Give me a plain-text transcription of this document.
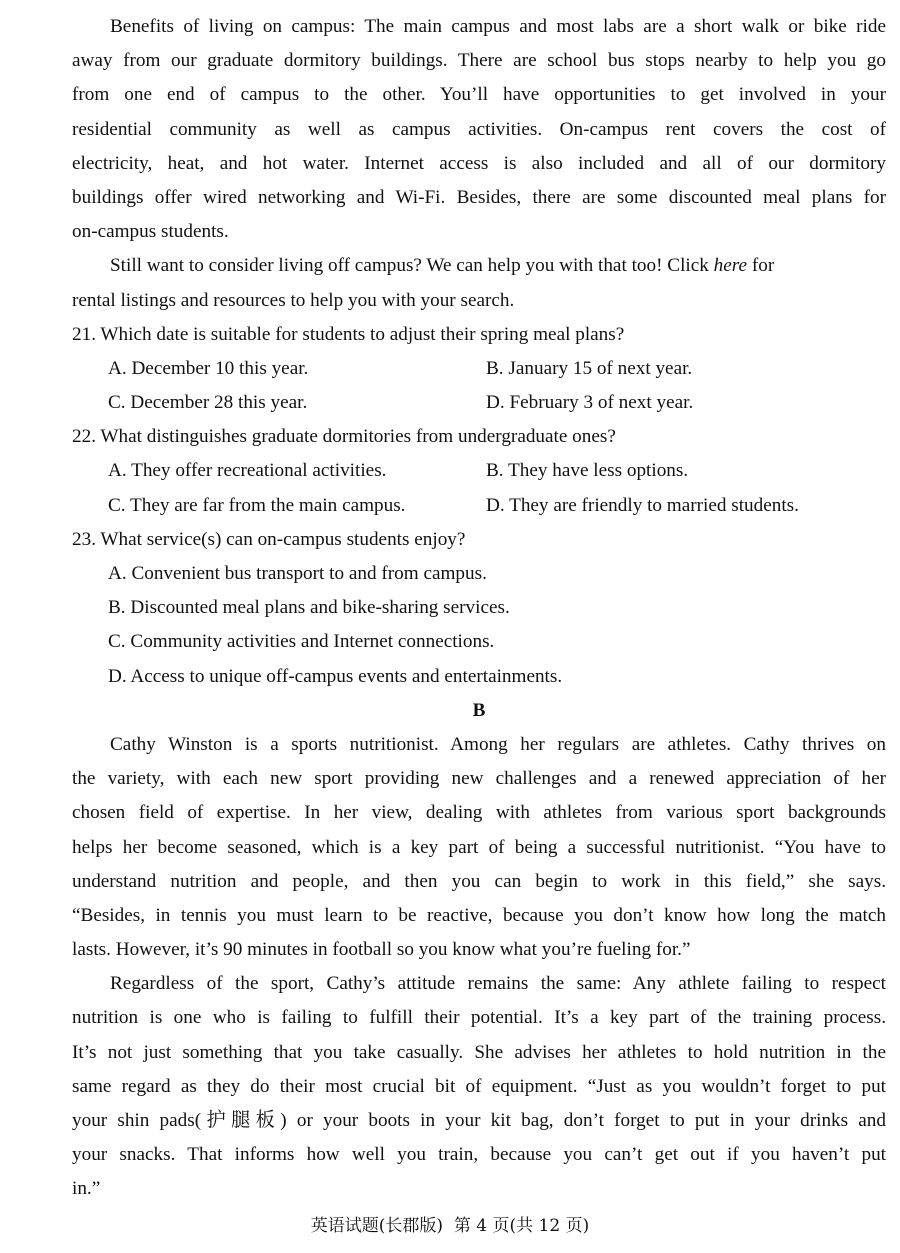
Benefits of living on campus: The main campus and most labs are a short walk or bike ride
away from our graduate dormitory buildings. There are school bus stops nearby to help you go
from one end of campus to the other. You’ll have opportunities to get involved in your
residential community as well as campus activities. On-campus rent covers the cost of
electricity, heat, and hot water. Internet access is also included and all of our dormitory
buildings offer wired networking and Wi-Fi. Besides, there are some discounted meal plans for
on-campus students.
Still want to consider living off campus? We can help you with that too! Click here for
rental listings and resources to help you with your search.
21. Which date is suitable for students to adjust their spring meal plans?
A. December 10 this year.	B. January 15 of next year.
C. December 28 this year.	D. February 3 of next year.
22. What distinguishes graduate dormitories from undergraduate ones?
A. They offer recreational activities.	B. They have less options.
C. They are far from the main campus.	D. They are friendly to married students.
23. What service(s) can on-campus students enjoy?
A. Convenient bus transport to and from campus.
B. Discounted meal plans and bike-sharing services.
C. Community activities and Internet connections.
D. Access to unique off-campus events and entertainments.
B
Cathy Winston is a sports nutritionist. Among her regulars are athletes. Cathy thrives on
the variety, with each new sport providing new challenges and a renewed appreciation of her
chosen field of expertise. In her view, dealing with athletes from various sport backgrounds
helps her become seasoned, which is a key part of being a successful nutritionist. “You have to
understand nutrition and people, and then you can begin to work in this field,” she says.
“Besides, in tennis you must learn to be reactive, because you don’t know how long the match
lasts. However, it’s 90 minutes in football so you know what you’re fueling for.”
Regardless of the sport, Cathy’s attitude remains the same: Any athlete failing to respect
nutrition is one who is failing to fulfill their potential. It’s a key part of the training process.
It’s not just something that you take casually. She advises her athletes to hold nutrition in the
same regard as they do their most crucial bit of equipment. “Just as you wouldn’t forget to put
your shin pads(护腿板) or your boots in your kit bag, don’t forget to put in your drinks and
your snacks. That informs how well you train, because you can’t get out if you haven’t put
in.”
英语试题(长郡版)  第 4 页(共 12 页)
